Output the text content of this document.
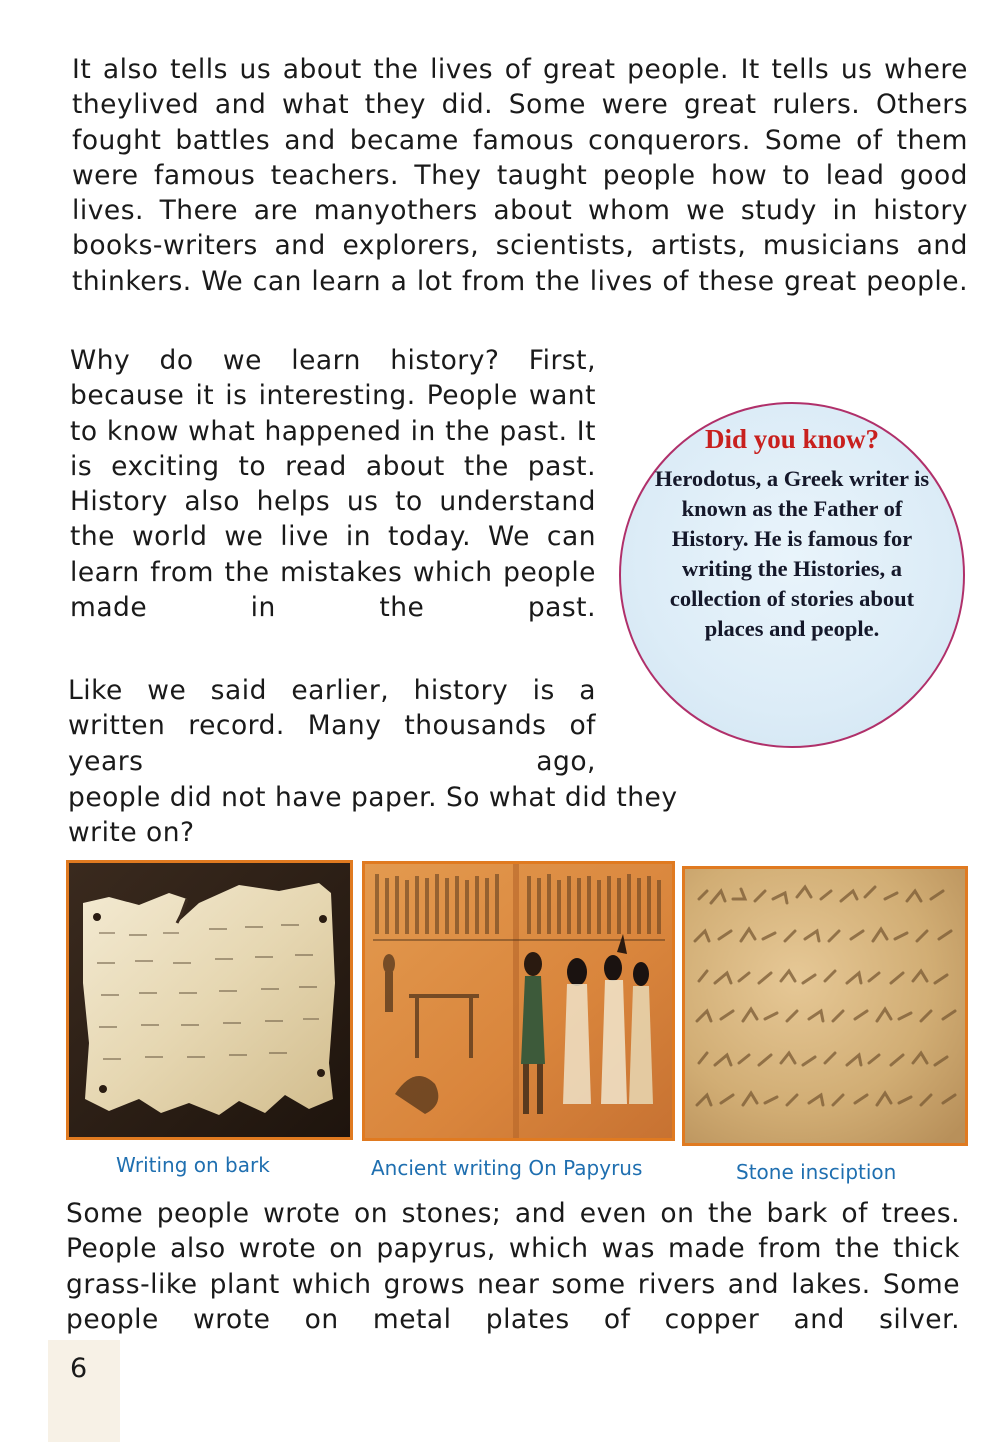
It also tells us about the lives of great people. It tells us where theylived and what they did. Some were great rulers. Others fought battles and became famous conquerors. Some of them were famous teachers. They taught people how to lead good lives. There are manyothers about whom we study in history books-writers and explorers, scientists, artists, musicians and thinkers. We can learn a lot from the lives of these great people.

Why do we learn history? First, because it is interesting. People want to know what happened in the past. It is exciting to read about the past. History also helps us to understand the world we live in today. We can learn from the mistakes which people made in the past.

Like we said earlier, history is a written record. Many thousands of years ago,

people did not have paper. So what did they write on?

Did you know?
Herodotus, a Greek writer is known as the Father of History. He is famous for writing the Histories, a collection of stories about places and people.

Writing on bark	Ancient writing On Papyrus	Stone insciption

Some people wrote on stones; and even on the bark of trees. People also wrote on papyrus, which was made from the thick grass-like plant which grows near some rivers and lakes. Some people wrote on metal plates of copper and silver.

6
